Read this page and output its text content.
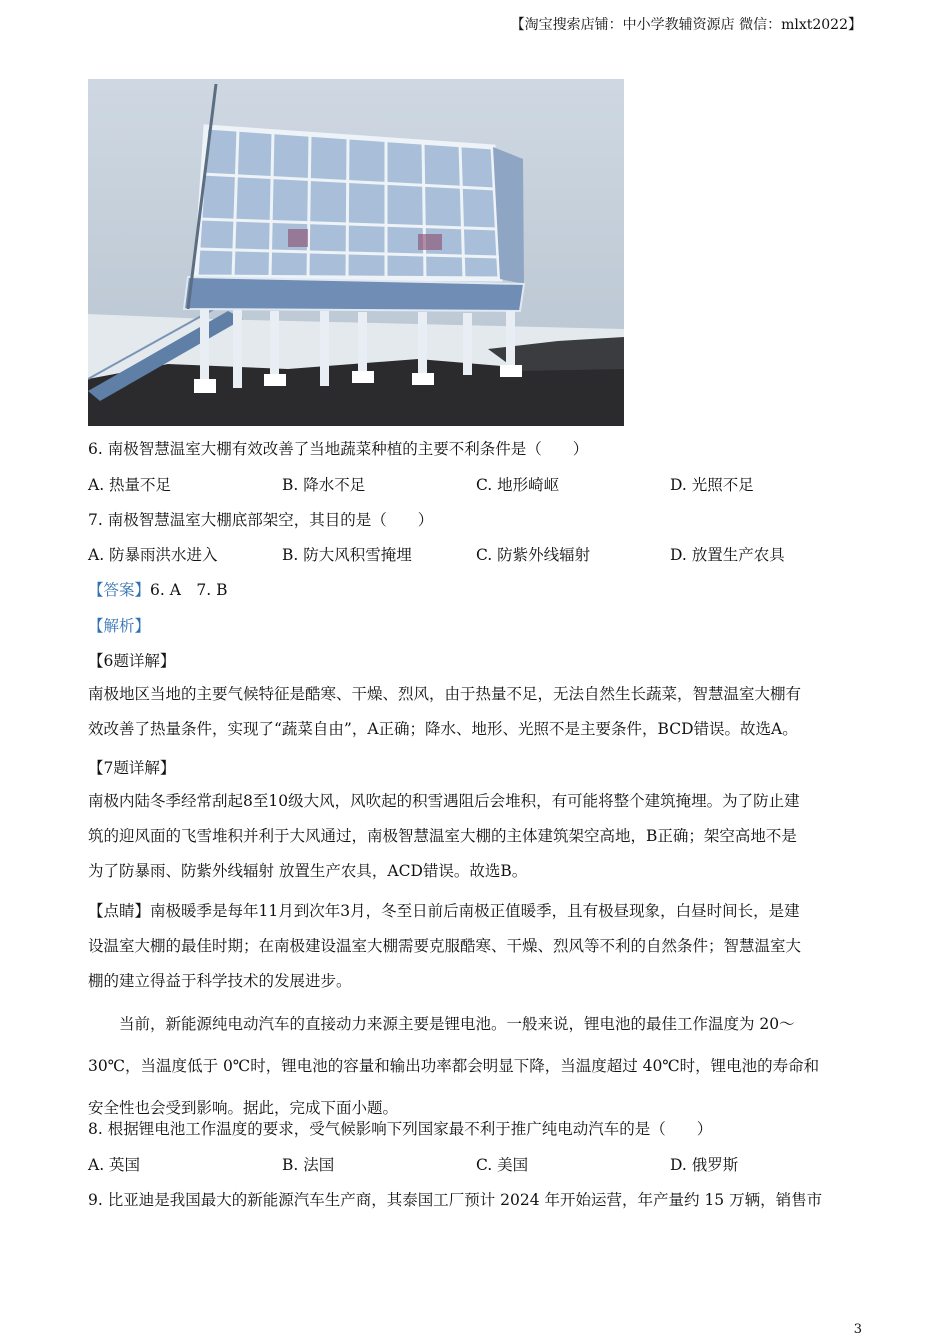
【淘宝搜索店铺：中小学教辅资源店 微信：mlxt2022】
6. 南极智慧温室大棚有效改善了当地蔬菜种植的主要不利条件是（　　）
A. 热量不足	B. 降水不足	C. 地形崎岖	D. 光照不足
7. 南极智慧温室大棚底部架空，其目的是（　　）
A. 防暴雨洪水进入	B. 防大风积雪掩埋	C. 防紫外线辐射	D. 放置生产农具
【答案】6. A　7. B
【解析】
【6题详解】
南极地区当地的主要气候特征是酷寒、干燥、烈风，由于热量不足，无法自然生长蔬菜，智慧温室大棚有
效改善了热量条件，实现了“蔬菜自由”，A正确；降水、地形、光照不是主要条件，BCD错误。故选A。
【7题详解】
南极内陆冬季经常刮起8至10级大风，风吹起的积雪遇阻后会堆积，有可能将整个建筑掩埋。为了防止建
筑的迎风面的飞雪堆积并利于大风通过，南极智慧温室大棚的主体建筑架空高地，B正确；架空高地不是
为了防暴雨、防紫外线辐射 放置生产农具，ACD错误。故选B。
【点睛】南极暖季是每年11月到次年3月，冬至日前后南极正值暖季，且有极昼现象，白昼时间长，是建
设温室大棚的最佳时期；在南极建设温室大棚需要克服酷寒、干燥、烈风等不利的自然条件；智慧温室大
棚的建立得益于科学技术的发展进步。
　　当前，新能源纯电动汽车的直接动力来源主要是锂电池。一般来说，锂电池的最佳工作温度为 20～
30℃，当温度低于 0℃时，锂电池的容量和输出功率都会明显下降，当温度超过 40℃时，锂电池的寿命和
安全性也会受到影响。据此，完成下面小题。
8. 根据锂电池工作温度的要求，受气候影响下列国家最不利于推广纯电动汽车的是（　　）
A. 英国	B. 法国	C. 美国	D. 俄罗斯
9. 比亚迪是我国最大的新能源汽车生产商，其泰国工厂预计 2024 年开始运营，年产量约 15 万辆，销售市
3
